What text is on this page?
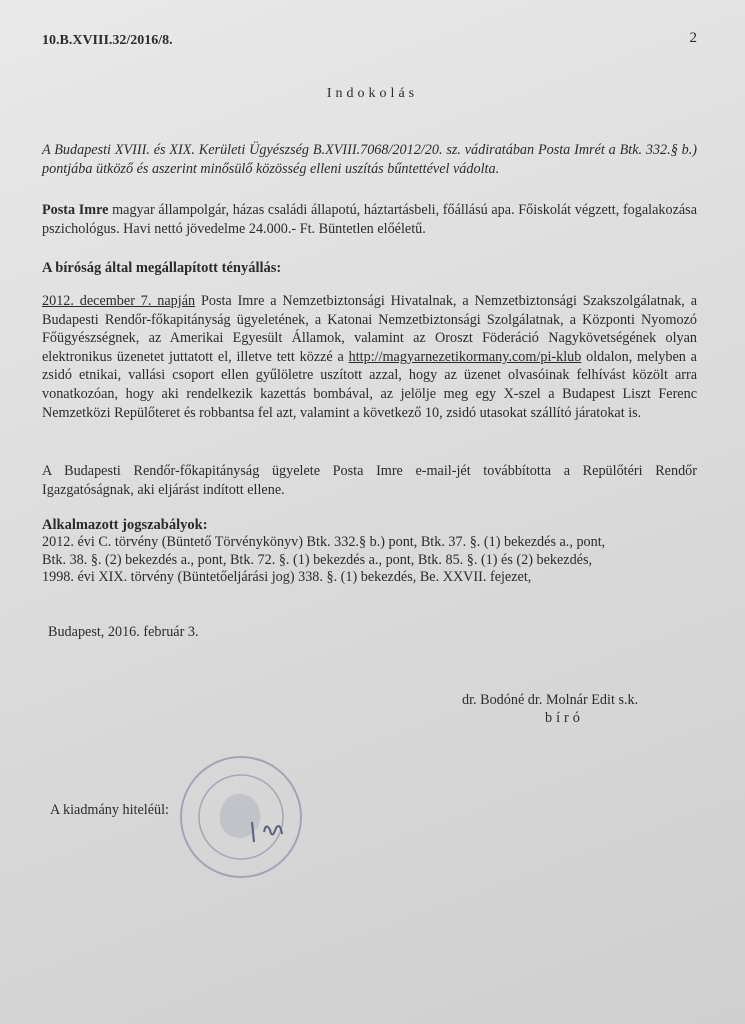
10.B.XVIII.32/2016/8.	2
Indokolás
A Budapesti XVIII. és XIX. Kerületi Ügyészség B.XVIII.7068/2012/20. sz. vádiratában Posta Imrét a Btk. 332.§ b.) pontjába ütköző és aszerint minősülő közösség elleni uszítás bűntettével vádolta.
Posta Imre magyar állampolgár, házas családi állapotú, háztartásbeli, főállású apa. Főiskolát végzett, fogalakozása pszichológus. Havi nettó jövedelme 24.000.- Ft. Büntetlen előéletű.
A bíróság által megállapított tényállás:
2012. december 7. napján Posta Imre a Nemzetbiztonsági Hivatalnak, a Nemzetbiztonsági Szakszolgálatnak, a Budapesti Rendőr-főkapitányság ügyeletének, a Katonai Nemzetbiztonsági Szolgálatnak, a Központi Nyomozó Főügyészségnek, az Amerikai Egyesült Államok, valamint az Oroszt Föderáció Nagykövetségének olyan elektronikus üzenetet juttatott el, illetve tett közzé a http://magyarnezetikormany.com/pi-klub oldalon, melyben a zsidó etnikai, vallási csoport ellen gyűlöletre uszított azzal, hogy az üzenet olvasóinak felhívást közölt arra vonatkozóan, hogy aki rendelkezik kazettás bombával, az jelölje meg egy X-szel a Budapest Liszt Ferenc Nemzetközi Repülőteret és robbantsa fel azt, valamint a következő 10, zsidó utasokat szállító járatokat is.
A Budapesti Rendőr-főkapitányság ügyelete Posta Imre e-mail-jét továbbította a Repülőtéri Rendőr Igazgatóságnak, aki eljárást indított ellene.
Alkalmazott jogszabályok:
2012. évi C. törvény (Büntető Törvénykönyv) Btk. 332.§ b.) pont, Btk. 37. §. (1) bekezdés a., pont,
Btk. 38. §. (2) bekezdés a., pont, Btk. 72. §. (1) bekezdés a., pont, Btk. 85. §. (1) és (2) bekezdés,
1998. évi XIX. törvény (Büntetőeljárási jog) 338. §. (1) bekezdés, Be. XXVII. fejezet,
Budapest, 2016. február 3.
dr. Bodóné dr. Molnár Edit s.k.
bíró
A kiadmány hiteléül:
